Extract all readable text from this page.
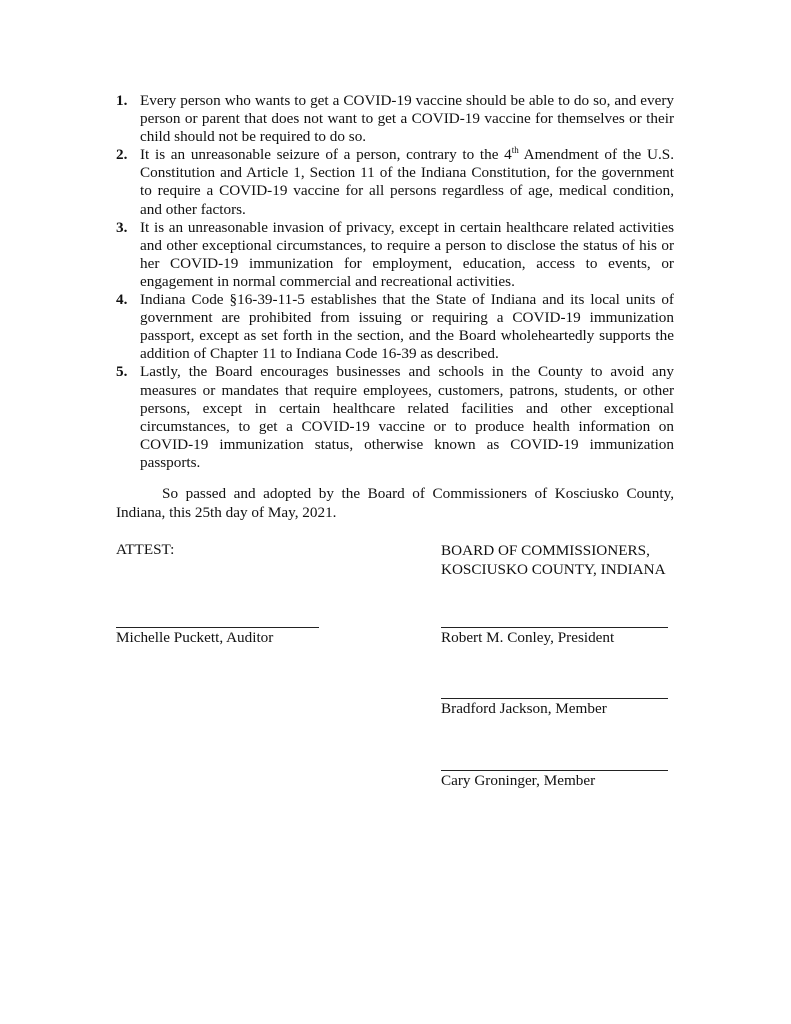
1. Every person who wants to get a COVID-19 vaccine should be able to do so, and every person or parent that does not want to get a COVID-19 vaccine for themselves or their child should not be required to do so.
2. It is an unreasonable seizure of a person, contrary to the 4th Amendment of the U.S. Constitution and Article 1, Section 11 of the Indiana Constitution, for the government to require a COVID-19 vaccine for all persons regardless of age, medical condition, and other factors.
3. It is an unreasonable invasion of privacy, except in certain healthcare related activities and other exceptional circumstances, to require a person to disclose the status of his or her COVID-19 immunization for employment, education, access to events, or engagement in normal commercial and recreational activities.
4. Indiana Code §16-39-11-5 establishes that the State of Indiana and its local units of government are prohibited from issuing or requiring a COVID-19 immunization passport, except as set forth in the section, and the Board wholeheartedly supports the addition of Chapter 11 to Indiana Code 16-39 as described.
5. Lastly, the Board encourages businesses and schools in the County to avoid any measures or mandates that require employees, customers, patrons, students, or other persons, except in certain healthcare related facilities and other exceptional circumstances, to get a COVID-19 vaccine or to produce health information on COVID-19 immunization status, otherwise known as COVID-19 immunization passports.

So passed and adopted by the Board of Commissioners of Kosciusko County, Indiana, this 25th day of May, 2021.

ATTEST:	BOARD OF COMMISSIONERS,
KOSCIUSKO COUNTY, INDIANA

Michelle Puckett, Auditor	Robert M. Conley, President

Bradford Jackson, Member

Cary Groninger, Member
